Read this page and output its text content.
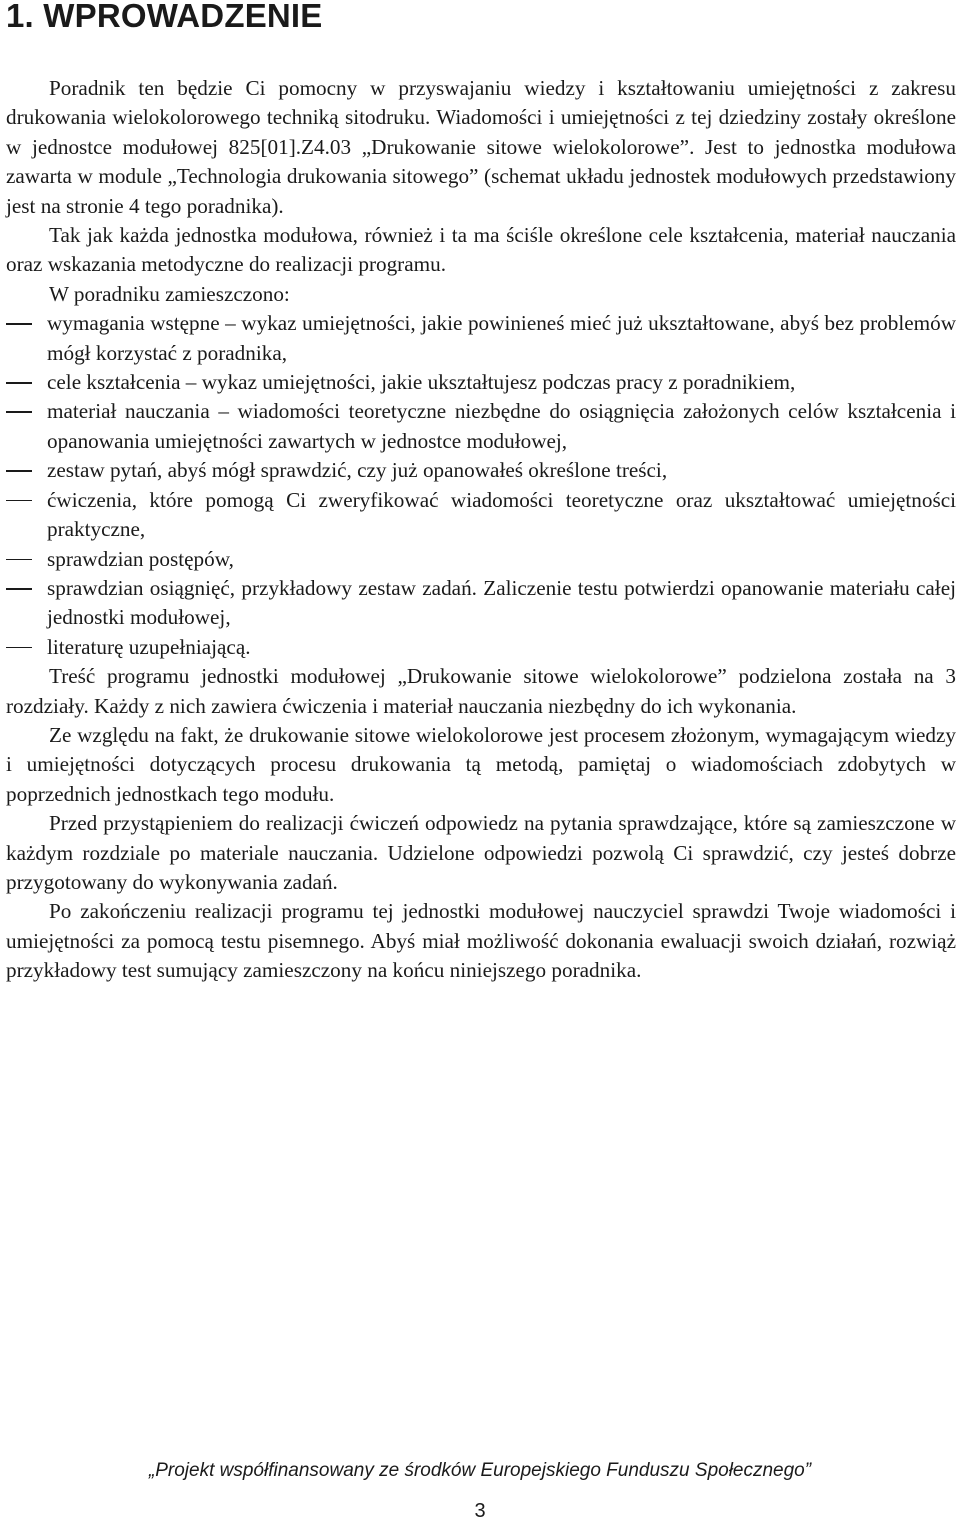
1. WPROWADZENIE

Poradnik ten będzie Ci pomocny w przyswajaniu wiedzy i kształtowaniu umiejętności z zakresu drukowania wielokolorowego techniką sitodruku. Wiadomości i umiejętności z tej dziedziny zostały określone w jednostce modułowej 825[01].Z4.03 „Drukowanie sitowe wielokolorowe”. Jest to jednostka modułowa zawarta w module „Technologia drukowania sitowego” (schemat układu jednostek modułowych przedstawiony jest na stronie 4 tego poradnika).

Tak jak każda jednostka modułowa, również i ta ma ściśle określone cele kształcenia, materiał nauczania oraz wskazania metodyczne do realizacji programu.

W poradniku zamieszczono:

wymagania wstępne – wykaz umiejętności, jakie powinieneś mieć już ukształtowane, abyś bez problemów mógł korzystać z poradnika,
cele kształcenia – wykaz umiejętności, jakie ukształtujesz podczas pracy z poradnikiem,
materiał nauczania – wiadomości teoretyczne niezbędne do osiągnięcia założonych celów kształcenia i opanowania umiejętności zawartych w jednostce modułowej,
zestaw pytań, abyś mógł sprawdzić, czy już opanowałeś określone treści,
ćwiczenia, które pomogą Ci zweryfikować wiadomości teoretyczne oraz ukształtować umiejętności praktyczne,
sprawdzian postępów,
sprawdzian osiągnięć, przykładowy zestaw zadań. Zaliczenie testu potwierdzi opanowanie materiału całej jednostki modułowej,
literaturę uzupełniającą.

Treść programu jednostki modułowej „Drukowanie sitowe wielokolorowe” podzielona została na 3 rozdziały. Każdy z nich zawiera ćwiczenia i materiał nauczania niezbędny do ich wykonania.

Ze względu na fakt, że drukowanie sitowe wielokolorowe jest procesem złożonym, wymagającym wiedzy i umiejętności dotyczących procesu drukowania tą metodą, pamiętaj o wiadomościach zdobytych w poprzednich jednostkach tego modułu.

Przed przystąpieniem do realizacji ćwiczeń odpowiedz na pytania sprawdzające, które są zamieszczone w każdym rozdziale po materiale nauczania. Udzielone odpowiedzi pozwolą Ci sprawdzić, czy jesteś dobrze przygotowany do wykonywania zadań.

Po zakończeniu realizacji programu tej jednostki modułowej nauczyciel sprawdzi Twoje wiadomości i umiejętności za pomocą testu pisemnego. Abyś miał możliwość dokonania ewaluacji swoich działań, rozwiąż przykładowy test sumujący zamieszczony na końcu niniejszego poradnika.

„Projekt współfinansowany ze środków Europejskiego Funduszu Społecznego”
3
